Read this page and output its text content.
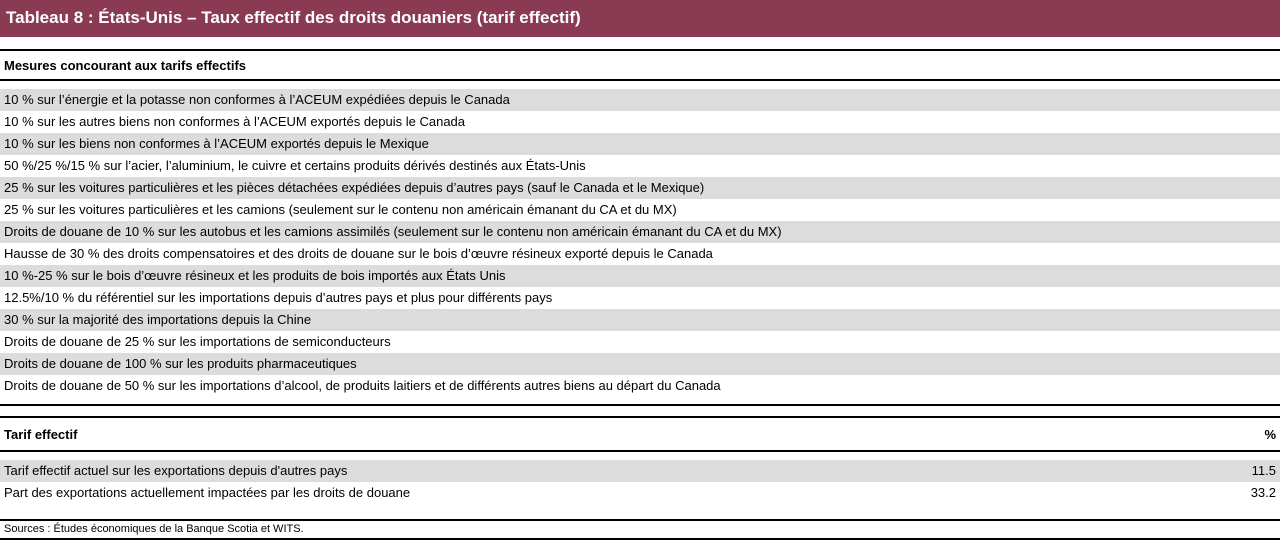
Tableau 8 : États-Unis – Taux effectif des droits douaniers (tarif effectif)
Mesures concourant aux tarifs effectifs
10 % sur l’énergie et la potasse non conformes à l’ACEUM expédiées depuis le Canada
10 % sur les autres biens non conformes à l’ACEUM exportés depuis le Canada
10 % sur les biens non conformes à l’ACEUM exportés depuis le Mexique
50 %/25 %/15 % sur l’acier, l’aluminium, le cuivre et certains produits dérivés destinés aux États-Unis
25 % sur les voitures particulières et les pièces détachées expédiées depuis d’autres pays (sauf le Canada et le Mexique)
25 % sur les voitures particulières et les camions (seulement sur le contenu non américain émanant du CA et du MX)
Droits de douane de 10 % sur les autobus et les camions assimilés (seulement sur le contenu non américain émanant du CA et du MX)
Hausse de 30 % des droits compensatoires et des droits de douane sur le bois d’œuvre résineux exporté depuis le Canada
10 %-25 % sur le bois d’œuvre résineux et les produits de bois importés aux États Unis
12.5%/10 % du référentiel sur les importations depuis d’autres pays et plus pour différents pays
30 % sur la majorité des importations depuis la Chine
Droits de douane de 25 % sur les importations de semiconducteurs
Droits de douane de 100 % sur les produits pharmaceutiques
Droits de douane de 50 % sur les importations d’alcool, de produits laitiers et de différents autres biens au départ du Canada
Tarif effectif	%
Tarif effectif actuel sur les exportations depuis d'autres pays	11.5
Part des exportations actuellement impactées par les droits de douane	33.2
Sources : Études économiques de la Banque Scotia et WITS.
